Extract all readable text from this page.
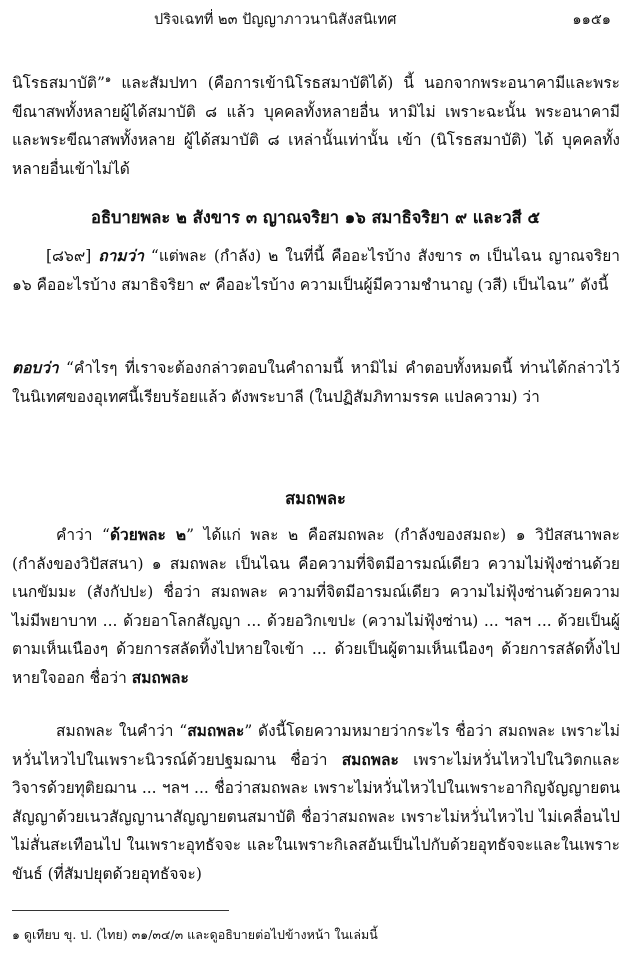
ปริจเฉทที่ ๒๓ ปัญญาภาวนานิสังสนิเทศ	๑๑๕๑

นิโรธสมาบัติ”$^๑$ และสัมปทา (คือการเข้านิโรธสมาบัติได้) นี้ นอกจากพระอนาคามีและพระขีณาสพทั้งหลายผู้ได้สมาบัติ ๘ แล้ว บุคคลทั้งหลายอื่น หามิไม่ เพราะฉะนั้น พระอนาคามีและพระขีณาสพทั้งหลาย ผู้ได้สมาบัติ ๘ เหล่านั้นเท่านั้น เข้า (นิโรธสมาบัติ) ได้ บุคคลทั้งหลายอื่นเข้าไม่ได้

อธิบายพละ ๒ สังขาร ๓ ญาณจริยา ๑๖ สมาธิจริยา ๙ และวสี ๕

[๘๖๙] ถามว่า “แต่พละ (กำลัง) ๒ ในที่นี้ คืออะไรบ้าง สังขาร ๓ เป็นไฉน ญาณจริยา ๑๖ คืออะไรบ้าง สมาธิจริยา ๙ คืออะไรบ้าง ความเป็นผู้มีความชำนาญ (วสี) เป็นไฉน” ดังนี้

ตอบว่า “คำไรๆ ที่เราจะต้องกล่าวตอบในคำถามนี้ หามิไม่ คำตอบทั้งหมดนี้ ท่านได้กล่าวไว้ในนิเทศของอุเทศนี้เรียบร้อยแล้ว ดังพระบาลี (ในปฏิสัมภิทามรรค แปลความ) ว่า

สมถพละ

คำว่า “ด้วยพละ ๒” ได้แก่ พละ ๒ คือสมถพละ (กำลังของสมถะ) ๑ วิปัสสนาพละ (กำลังของวิปัสสนา) ๑ สมถพละ เป็นไฉน คือความที่จิตมีอารมณ์เดียว ความไม่ฟุ้งซ่านด้วยเนกขัมมะ (สังกัปปะ) ชื่อว่า สมถพละ ความที่จิตมีอารมณ์เดียว ความไม่ฟุ้งซ่านด้วยความไม่มีพยาบาท ... ด้วยอาโลกสัญญา ... ด้วยอวิกเขปะ (ความไม่ฟุ้งซ่าน) ... ฯลฯ ... ด้วยเป็นผู้ตามเห็นเนืองๆ ด้วยการสลัดทิ้งไปหายใจเข้า ... ด้วยเป็นผู้ตามเห็นเนืองๆ ด้วยการสลัดทิ้งไปหายใจออก ชื่อว่า สมถพละ

สมถพละ ในคำว่า “สมถพละ” ดังนี้โดยความหมายว่ากระไร ชื่อว่า สมถพละ เพราะไม่หวั่นไหวไปในเพราะนิวรณ์ด้วยปฐมฌาน ชื่อว่า สมถพละ เพราะไม่หวั่นไหวไปในวิตกและวิจารด้วยทุติยฌาน ... ฯลฯ ... ชื่อว่าสมถพละ เพราะไม่หวั่นไหวไปในเพราะอากิญจัญญายตนสัญญาด้วยเนวสัญญานาสัญญายตนสมาบัติ ชื่อว่าสมถพละ เพราะไม่หวั่นไหวไป ไม่เคลื่อนไป ไม่สั่นสะเทือนไป ในเพราะอุทธัจจะ และในเพราะกิเลสอันเป็นไปกับด้วยอุทธัจจะและในเพราะขันธ์ (ที่สัมปยุตด้วยอุทธัจจะ)

๑ ดูเทียบ ขุ. ป. (ไทย) ๓๑/๓๔/๓ และดูอธิบายต่อไปข้างหน้า ในเล่มนี้
